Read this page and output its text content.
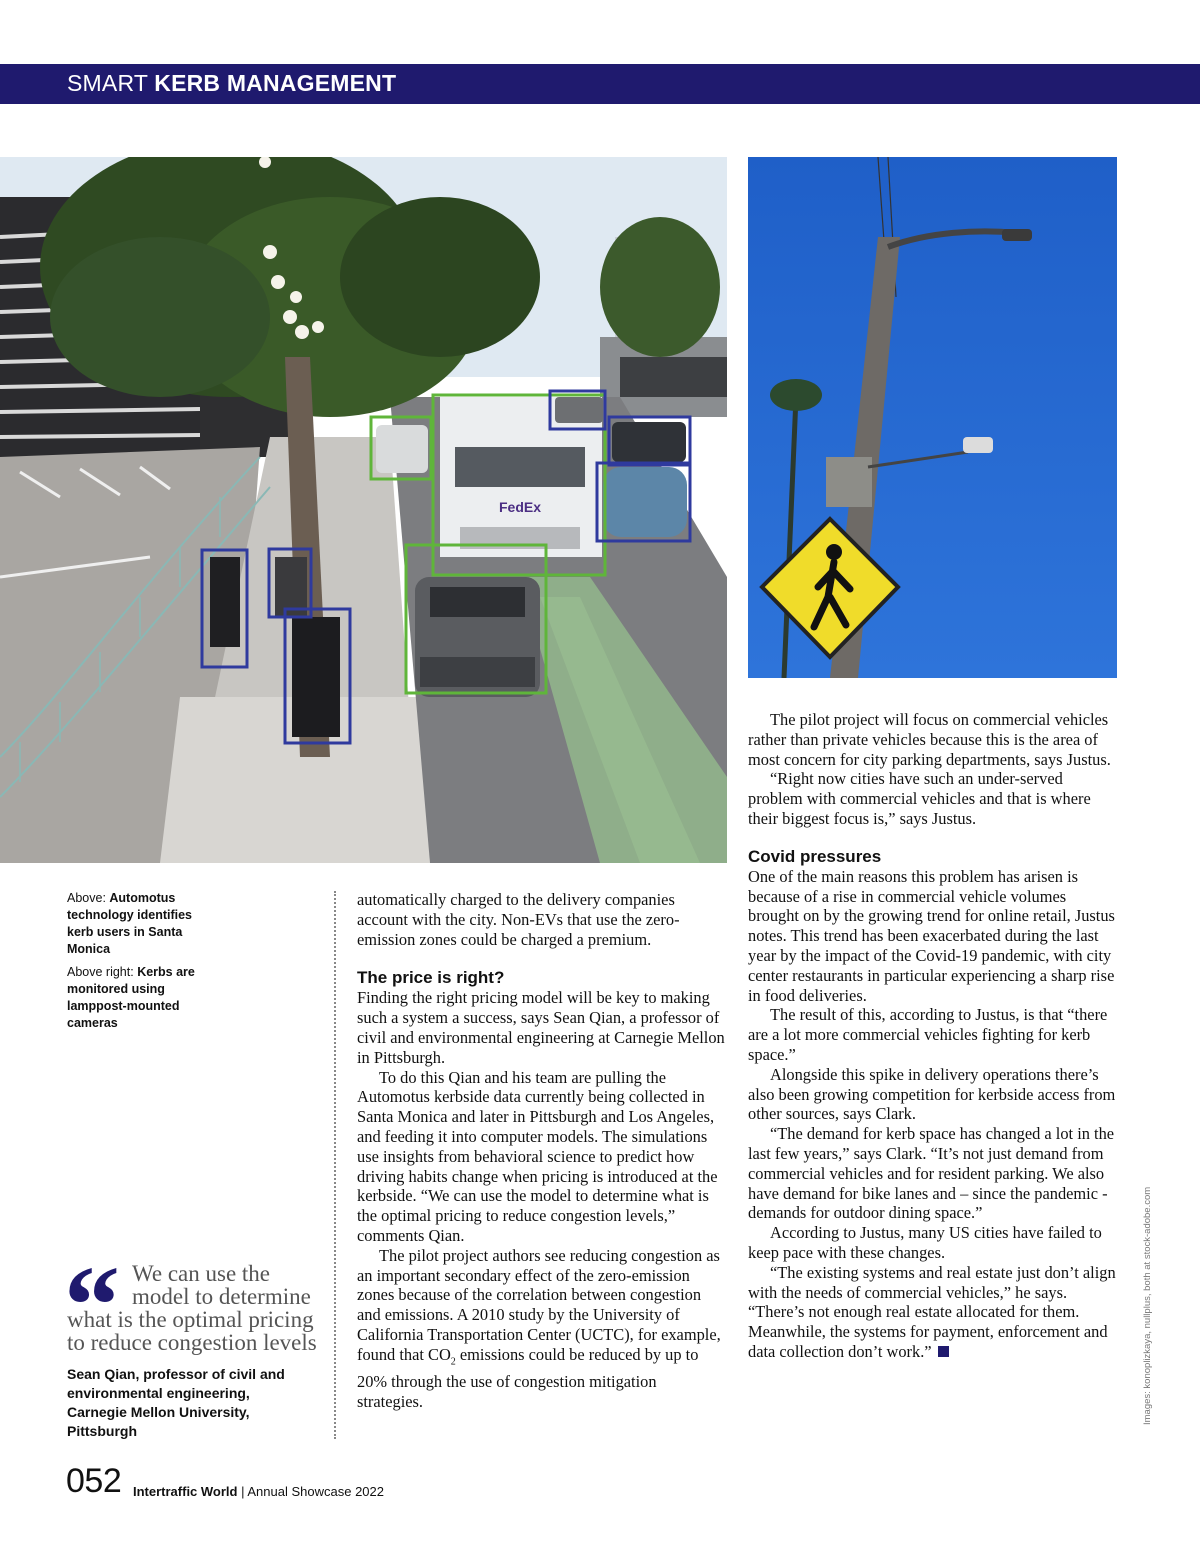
SMART KERB MANAGEMENT
FedEx

Above: Automotus technology identifies kerb users in Santa Monica

Above right: Kerbs are monitored using lamppost-mounted cameras

“ We can use the
model to determine
what is the optimal pricing
to reduce congestion levels
Sean Qian, professor of civil and environmental engineering, Carnegie Mellon University, Pittsburgh

automatically charged to the delivery companies account with the city. Non-EVs that use the zero-emission zones could be charged a premium.

The price is right?

Finding the right pricing model will be key to making such a system a success, says Sean Qian, a professor of civil and environmental engineering at Carnegie Mellon in Pittsburgh.

To do this Qian and his team are pulling the Automotus kerbside data currently being collected in Santa Monica and later in Pittsburgh and Los Angeles, and feeding it into computer models. The simulations use insights from behavioral science to predict how driving habits change when pricing is introduced at the kerbside. “We can use the model to determine what is the optimal pricing to reduce congestion levels,” comments Qian.

The pilot project authors see reducing congestion as an important secondary effect of the zero-emission zones because of the correlation between congestion and emissions. A 2010 study by the University of California Transportation Center (UCTC), for example, found that $CO_2$ emissions could be reduced by up to 20% through the use of congestion mitigation strategies.

The pilot project will focus on commercial vehicles rather than private vehicles because this is the area of most concern for city parking departments, says Justus.

“Right now cities have such an under-served problem with commercial vehicles and that is where their biggest focus is,” says Justus.

Covid pressures

One of the main reasons this problem has arisen is because of a rise in commercial vehicle volumes brought on by the growing trend for online retail, Justus notes. This trend has been exacerbated during the last year by the impact of the Covid-19 pandemic, with city center restaurants in particular experiencing a sharp rise in food deliveries.

The result of this, according to Justus, is that “there are a lot more commercial vehicles fighting for kerb space.”

Alongside this spike in delivery operations there’s also been growing competition for kerbside access from other sources, says Clark.

“The demand for kerb space has changed a lot in the last few years,” says Clark. “It’s not just demand from commercial vehicles and for resident parking. We also have demand for bike lanes and – since the pandemic - demands for outdoor dining space.”

According to Justus, many US cities have failed to keep pace with these changes.

“The existing systems and real estate just don’t align with the needs of commercial vehicles,” he says. “There’s not enough real estate allocated for them. Meanwhile, the systems for payment, enforcement and data collection don’t work.”	Images: konoplizkaya, nullplus, both at stock-adobe.com
052 Intertraffic World | Annual Showcase 2022
